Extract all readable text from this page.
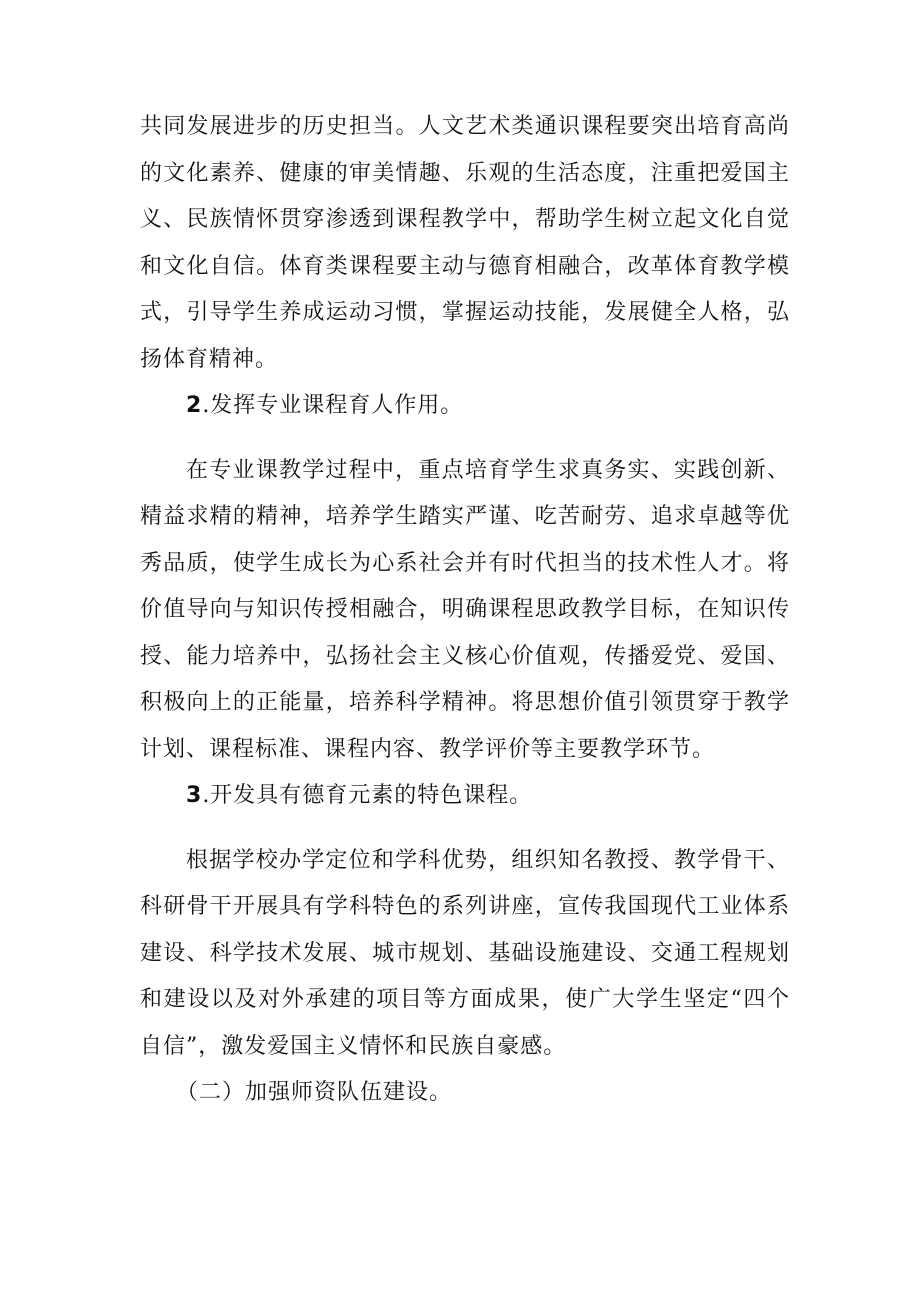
共同发展进步的历史担当。人文艺术类通识课程要突出培育高尚的文化素养、健康的审美情趣、乐观的生活态度，注重把爱国主义、民族情怀贯穿渗透到课程教学中，帮助学生树立起文化自觉和文化自信。体育类课程要主动与德育相融合，改革体育教学模式，引导学生养成运动习惯，掌握运动技能，发展健全人格，弘扬体育精神。

2.发挥专业课程育人作用。

在专业课教学过程中，重点培育学生求真务实、实践创新、精益求精的精神，培养学生踏实严谨、吃苦耐劳、追求卓越等优秀品质，使学生成长为心系社会并有时代担当的技术性人才。将价值导向与知识传授相融合，明确课程思政教学目标，在知识传授、能力培养中，弘扬社会主义核心价值观，传播爱党、爱国、积极向上的正能量，培养科学精神。将思想价值引领贯穿于教学计划、课程标准、课程内容、教学评价等主要教学环节。

3.开发具有德育元素的特色课程。

根据学校办学定位和学科优势，组织知名教授、教学骨干、科研骨干开展具有学科特色的系列讲座，宣传我国现代工业体系建设、科学技术发展、城市规划、基础设施建设、交通工程规划和建设以及对外承建的项目等方面成果，使广大学生坚定“四个自信”，激发爱国主义情怀和民族自豪感。

（二）加强师资队伍建设。
